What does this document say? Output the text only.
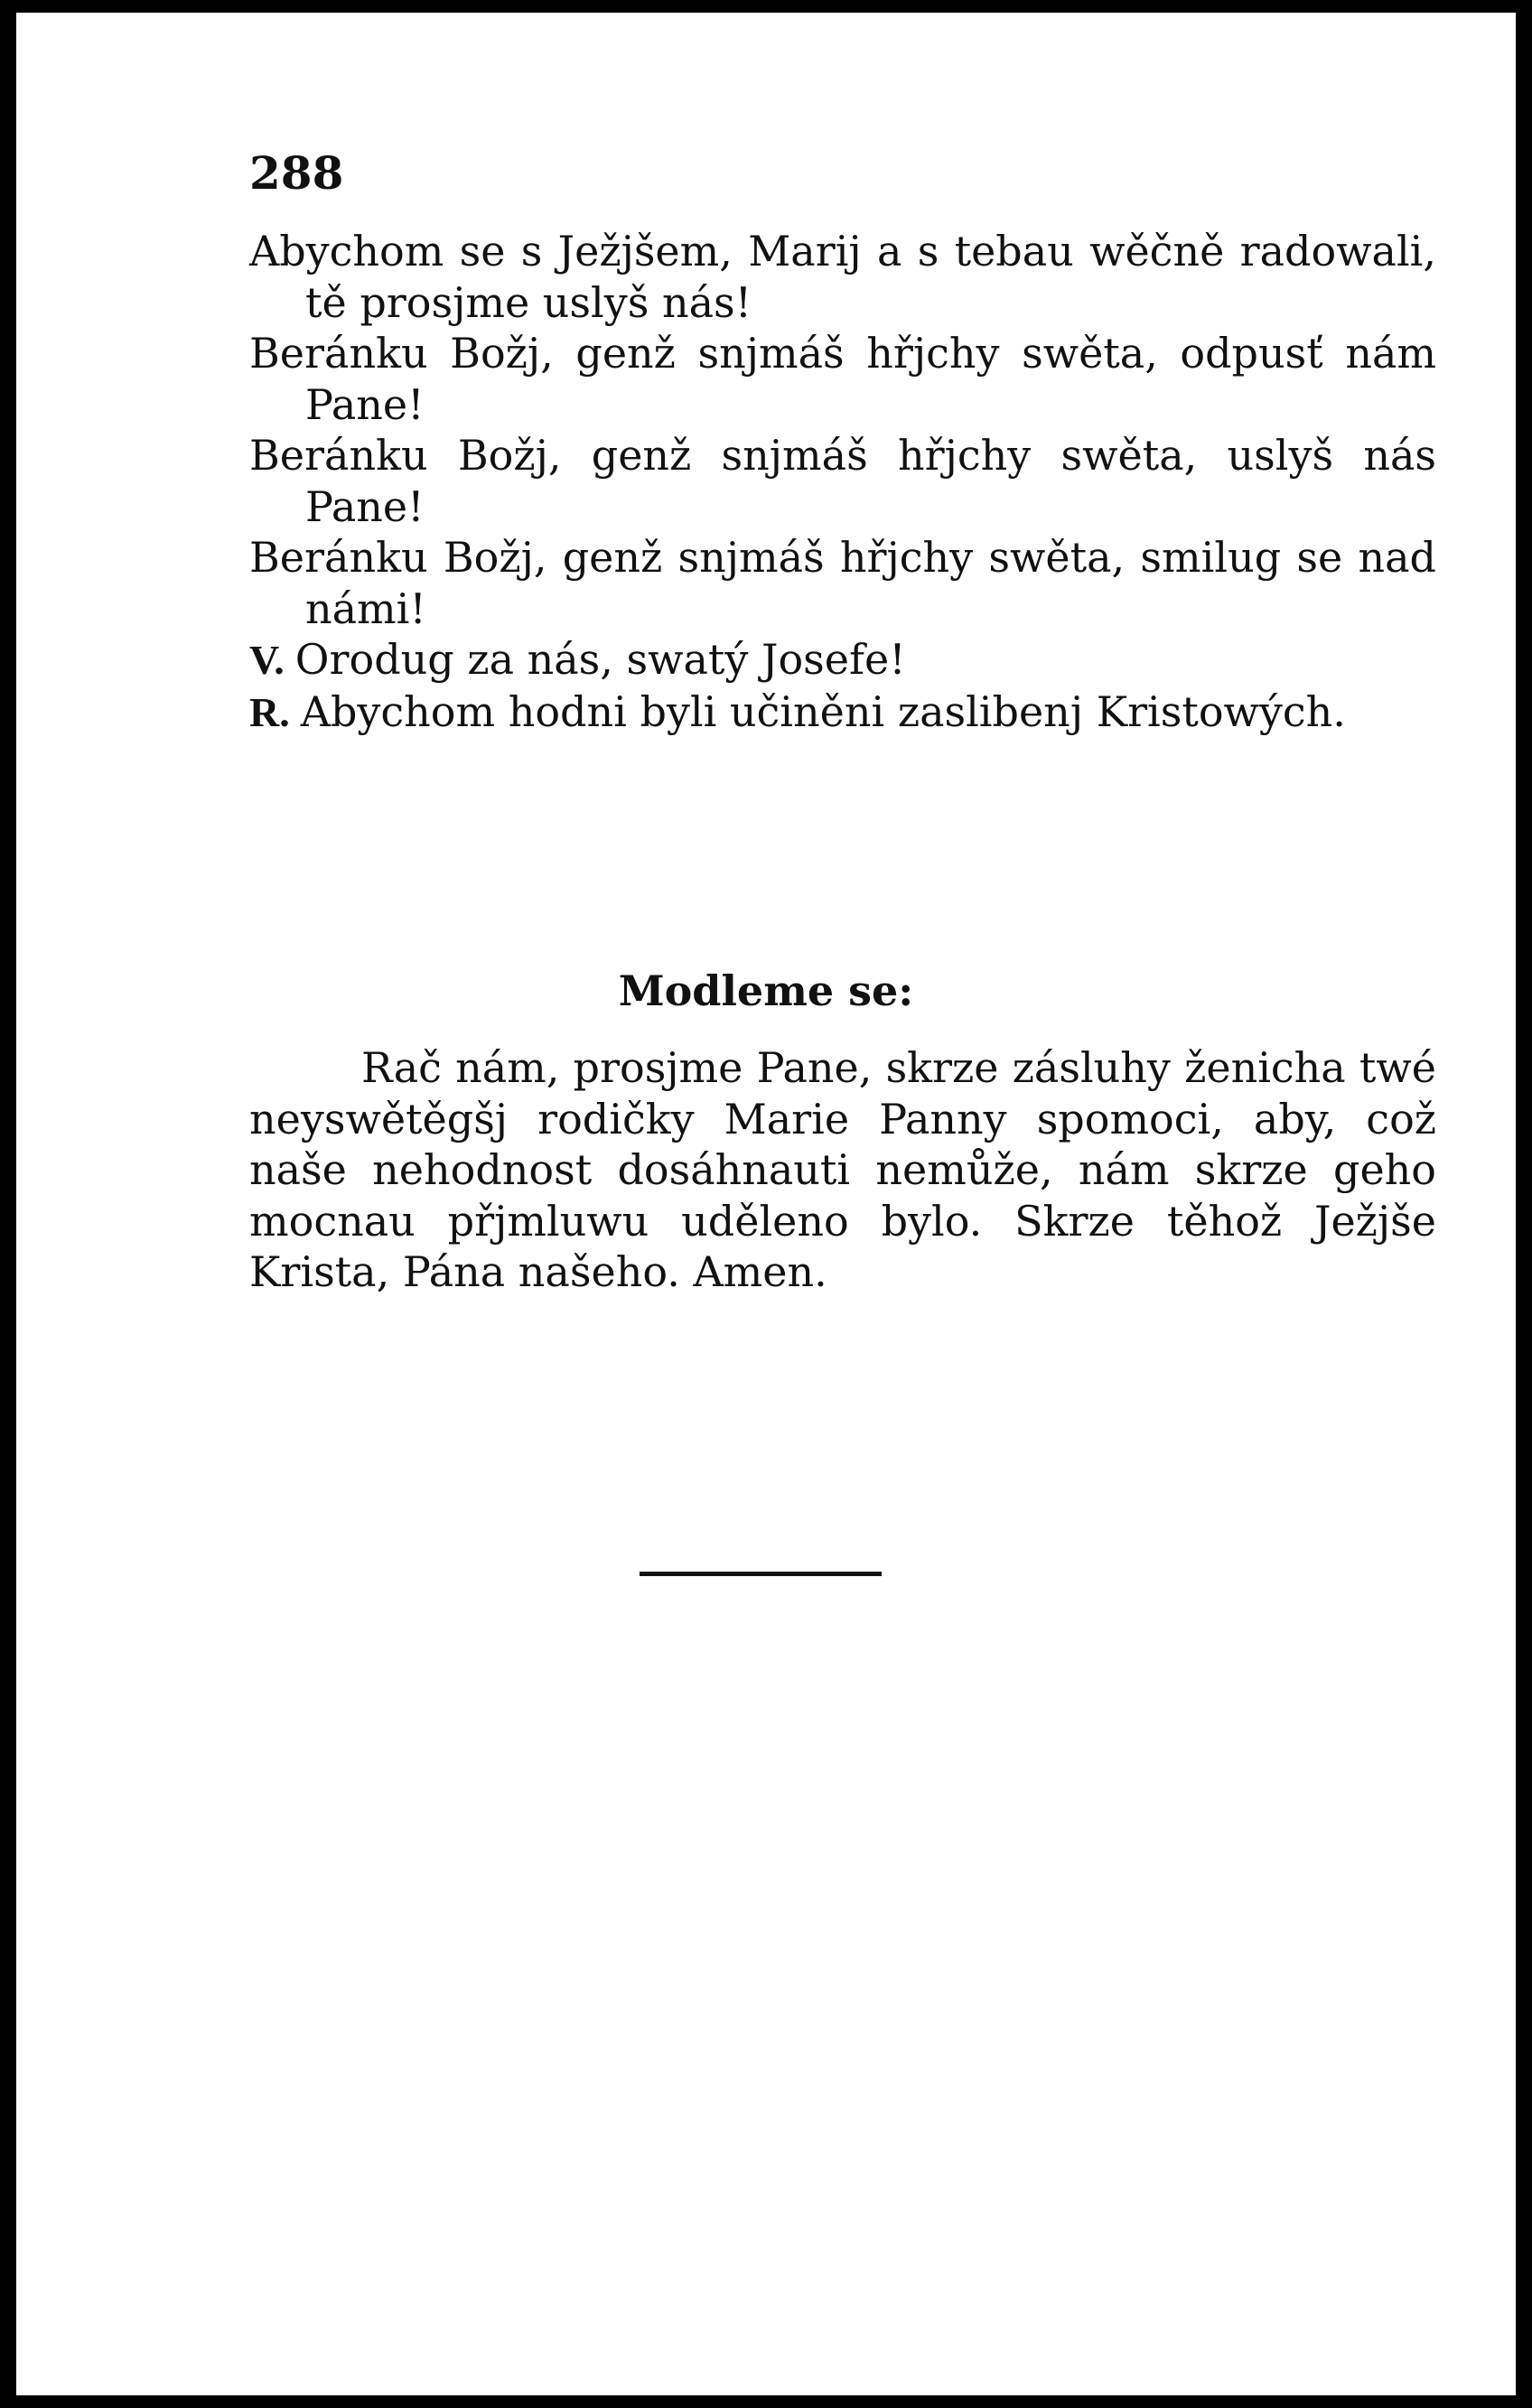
288

Abychom se s Ježjšem, Marij a s tebau wěčně radowali, tě prosjme uslyš nás!

Beránku Božj, genž snjmáš hřjchy swěta, odpusť nám Pane!

Beránku Božj, genž snjmáš hřjchy swěta, uslyš nás Pane!

Beránku Božj, genž snjmáš hřjchy swěta, smilug se nad námi!

V. Orodug za nás, swatý Josefe!

R. Abychom hodni byli učiněni zaslibenj Kristowých.

Modleme se:

Rač nám, prosjme Pane, skrze zásluhy ženicha twé neyswětěgšj rodičky Marie Panny spomoci, aby, což naše nehodnost dosáhnauti nemůže, nám skrze geho mocnau přjmluwu uděleno bylo. Skrze těhož Ježjše Krista, Pána našeho. Amen.
